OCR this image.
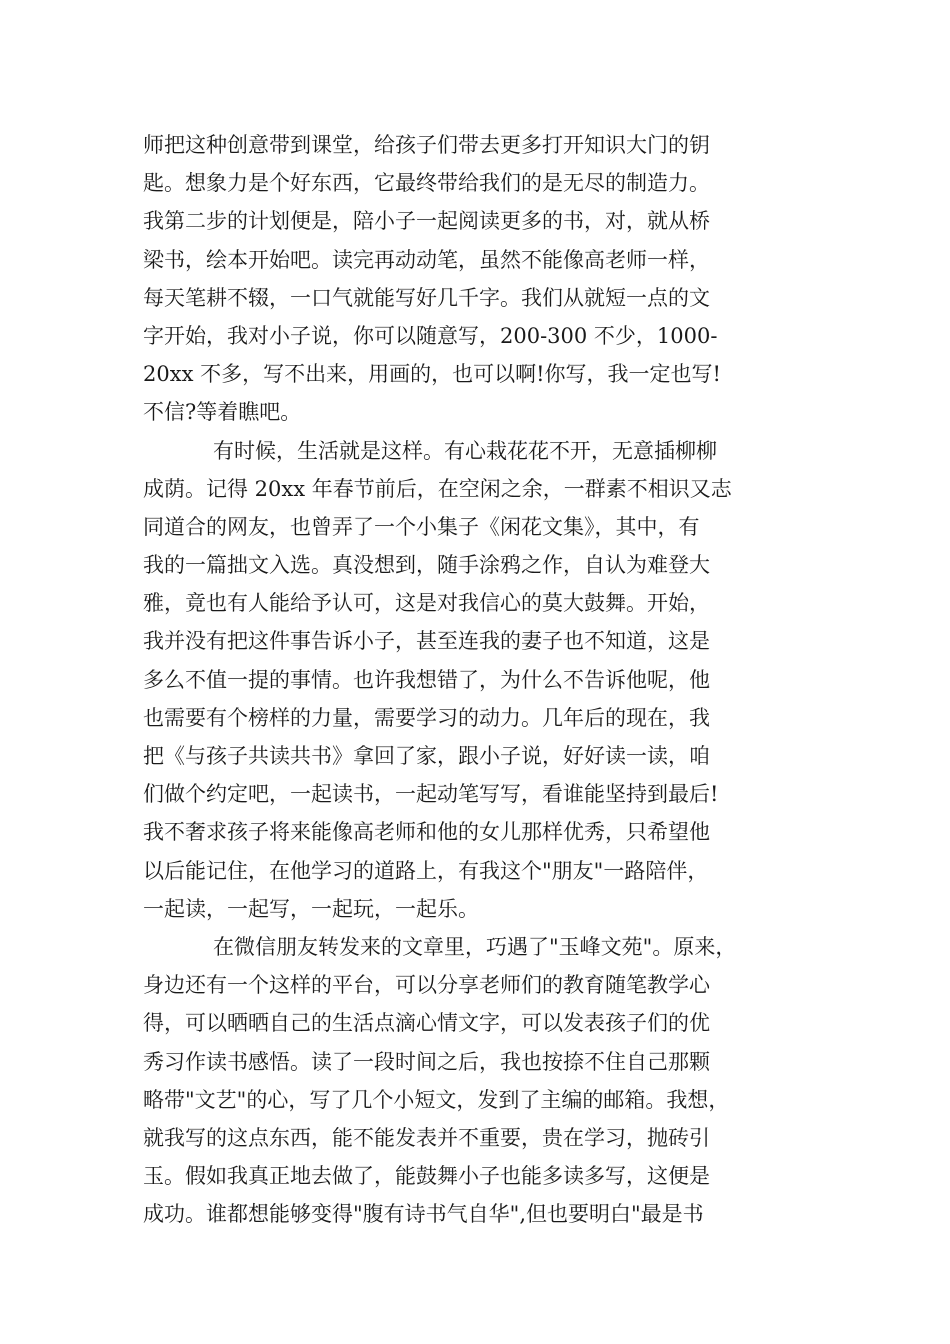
师把这种创意带到课堂，给孩子们带去更多打开知识大门的钥
匙。想象力是个好东西，它最终带给我们的是无尽的制造力。
我第二步的计划便是，陪小子一起阅读更多的书，对，就从桥
梁书，绘本开始吧。读完再动动笔，虽然不能像高老师一样，
每天笔耕不辍，一口气就能写好几千字。我们从就短一点的文
字开始，我对小子说，你可以随意写，200-300 不少，1000-
20xx 不多，写不出来，用画的，也可以啊!你写，我一定也写!
不信?等着瞧吧。
有时候，生活就是这样。有心栽花花不开，无意插柳柳
成荫。记得 20xx 年春节前后，在空闲之余，一群素不相识又志
同道合的网友，也曾弄了一个小集子《闲花文集》，其中，有
我的一篇拙文入选。真没想到，随手涂鸦之作，自认为难登大
雅，竟也有人能给予认可，这是对我信心的莫大鼓舞。开始，
我并没有把这件事告诉小子，甚至连我的妻子也不知道，这是
多么不值一提的事情。也许我想错了，为什么不告诉他呢，他
也需要有个榜样的力量，需要学习的动力。几年后的现在，我
把《与孩子共读共书》拿回了家，跟小子说，好好读一读，咱
们做个约定吧，一起读书，一起动笔写写，看谁能坚持到最后!
我不奢求孩子将来能像高老师和他的女儿那样优秀，只希望他
以后能记住，在他学习的道路上，有我这个"朋友"一路陪伴，
一起读，一起写，一起玩，一起乐。
在微信朋友转发来的文章里，巧遇了"玉峰文苑"。原来，
身边还有一个这样的平台，可以分享老师们的教育随笔教学心
得，可以晒晒自己的生活点滴心情文字，可以发表孩子们的优
秀习作读书感悟。读了一段时间之后，我也按捺不住自己那颗
略带"文艺"的心，写了几个小短文，发到了主编的邮箱。我想，
就我写的这点东西，能不能发表并不重要，贵在学习，抛砖引
玉。假如我真正地去做了，能鼓舞小子也能多读多写，这便是
成功。谁都想能够变得"腹有诗书气自华",但也要明白"最是书
